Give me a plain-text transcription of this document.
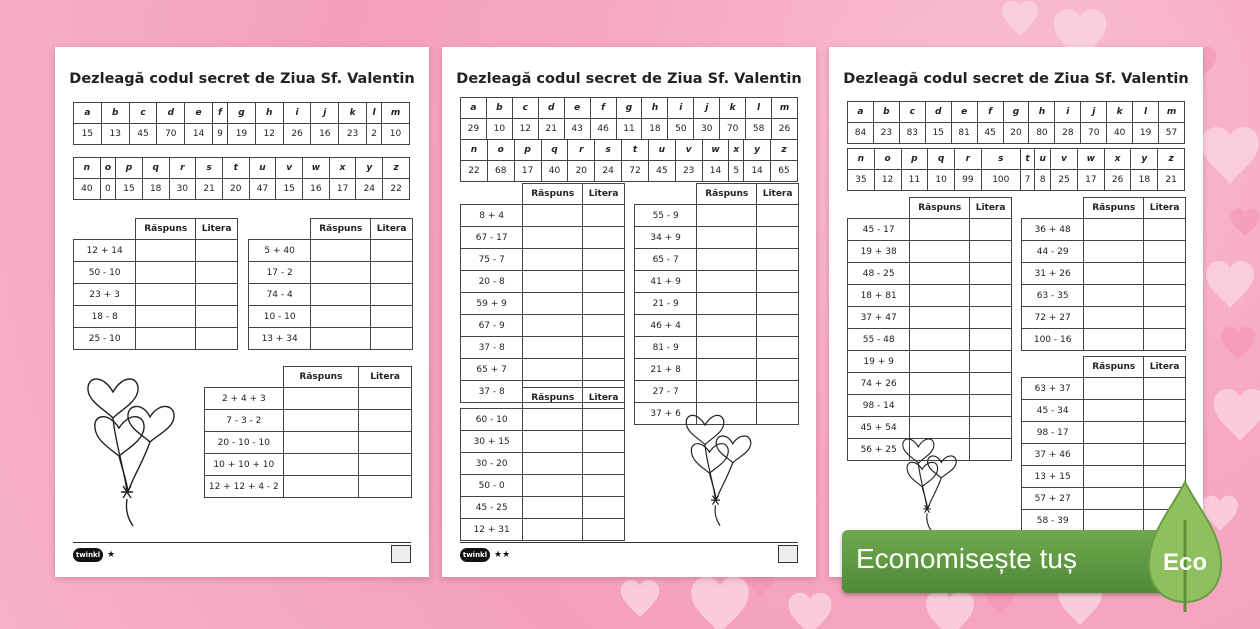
Dezleagă codul secret de Ziua Sf. Valentin
a	b	c	d	e	f	g	h	i	j	k	l	m
15	13	45	70	14	9	19	12	26	16	23	2	10
n	o	p	q	r	s	t	u	v	w	x	y	z
40	0	15	18	30	21	20	47	15	16	17	24	22
	Răspuns	Litera
12 + 14		
50 - 10		
23 + 3		
18 - 8		
25 - 10		
	Răspuns	Litera
5 + 40		
17 - 2		
74 - 4		
10 - 10		
13 + 34		
	Răspuns	Litera
2 + 4 + 3		
7 - 3 - 2		
20 - 10 - 10		
10 + 10 + 10		
12 + 12 + 4 - 2		
twinkl ★
Dezleagă codul secret de Ziua Sf. Valentin
a	b	c	d	e	f	g	h	i	j	k	l	m
29	10	12	21	43	46	11	18	50	30	70	58	26
n	o	p	q	r	s	t	u	v	w	x	y	z
22	68	17	40	20	24	72	45	23	14	5	14	65
	Răspuns	Litera
8 + 4		
67 - 17		
75 - 7		
20 - 8		
59 + 9		
67 - 9		
37 - 8		
65 + 7		
37 - 8		
	Răspuns	Litera
55 - 9		
34 + 9		
65 - 7		
41 + 9		
21 - 9		
46 + 4		
81 - 9		
21 + 8		
27 - 7		
37 + 6		
	Răspuns	Litera
60 - 10		
30 + 15		
30 - 20		
50 - 0		
45 - 25		
12 + 31		
twinkl ★★
Dezleagă codul secret de Ziua Sf. Valentin
a	b	c	d	e	f	g	h	i	j	k	l	m
84	23	83	15	81	45	20	80	28	70	40	19	57
n	o	p	q	r	s	t	u	v	w	x	y	z
35	12	11	10	99	100	7	8	25	17	26	18	21
	Răspuns	Litera
45 - 17		
19 + 38		
48 - 25		
18 + 81		
37 + 47		
55 - 48		
19 + 9		
74 + 26		
98 - 14		
45 + 54		
56 + 25		
	Răspuns	Litera
36 + 48		
44 - 29		
31 + 26		
63 - 35		
72 + 27		
100 - 16		
	Răspuns	Litera
63 + 37		
45 - 34		
98 - 17		
37 + 46		
13 + 15		
57 + 27		
58 - 39		
Economisește tuș	Eco
